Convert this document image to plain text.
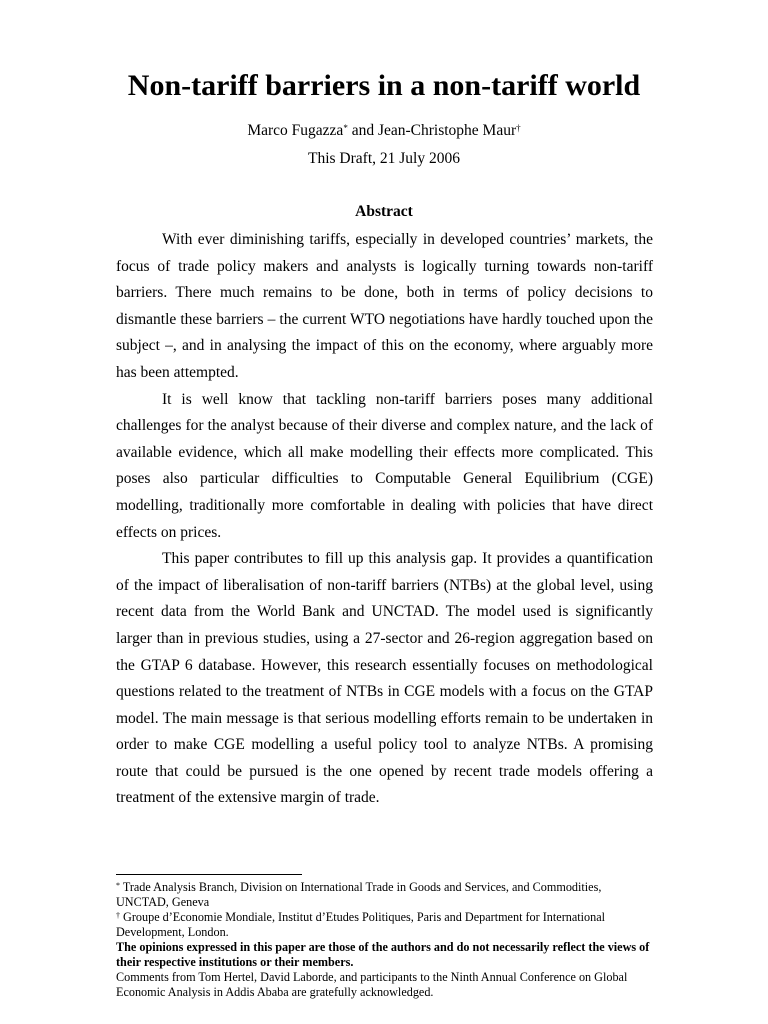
Non-tariff barriers in a non-tariff world
Marco Fugazza* and Jean-Christophe Maur†
This Draft, 21 July 2006
Abstract

With ever diminishing tariffs, especially in developed countries’ markets, the focus of trade policy makers and analysts is logically turning towards non-tariff barriers. There much remains to be done, both in terms of policy decisions to dismantle these barriers – the current WTO negotiations have hardly touched upon the subject –, and in analysing the impact of this on the economy, where arguably more has been attempted.

It is well know that tackling non-tariff barriers poses many additional challenges for the analyst because of their diverse and complex nature, and the lack of available evidence, which all make modelling their effects more complicated. This poses also particular difficulties to Computable General Equilibrium (CGE) modelling, traditionally more comfortable in dealing with policies that have direct effects on prices.

This paper contributes to fill up this analysis gap. It provides a quantification of the impact of liberalisation of non-tariff barriers (NTBs) at the global level, using recent data from the World Bank and UNCTAD. The model used is significantly larger than in previous studies, using a 27-sector and 26-region aggregation based on the GTAP 6 database. However, this research essentially focuses on methodological questions related to the treatment of NTBs in CGE models with a focus on the GTAP model. The main message is that serious modelling efforts remain to be undertaken in order to make CGE modelling a useful policy tool to analyze NTBs. A promising route that could be pursued is the one opened by recent trade models offering a treatment of the extensive margin of trade.

* Trade Analysis Branch, Division on International Trade in Goods and Services, and Commodities, UNCTAD, Geneva

† Groupe d’Economie Mondiale, Institut d’Etudes Politiques, Paris and Department for International Development, London.

The opinions expressed in this paper are those of the authors and do not necessarily reflect the views of their respective institutions or their members.

Comments from Tom Hertel, David Laborde, and participants to the Ninth Annual Conference on Global Economic Analysis in Addis Ababa are gratefully acknowledged.
